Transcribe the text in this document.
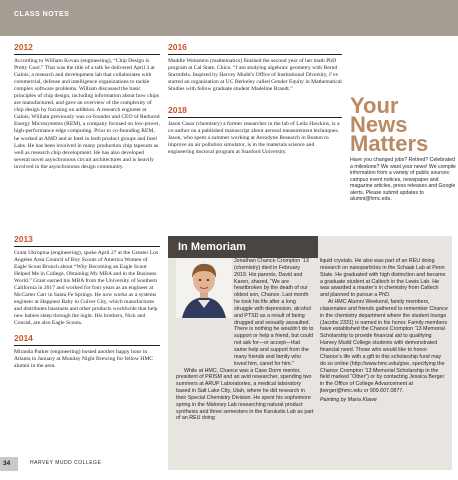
CLASS NOTES
2012
According to William Kovan (engineering), “Chip Design is Pretty Cool.” That was the title of a talk he delivered April 3 at Galois, a research and development lab that collaborates with commercial, defense and intelligence organizations to tackle complex software problems. William discussed the basic principles of chip design, including information about how chips are manufactured, and gave an overview of the complexity of chip design by focusing on addition. A research engineer at Galois, William previously was co-founder and CEO of Reduced Energy Microsystems (REM), a company focused on low-power, high-performance edge computing. Prior to co-founding REM, he worked at AMD and at Intel in both product groups and Intel Labs. He has been involved in many production chip tapeouts as well as research chip development. He has also developed several novel asynchronous circuit architectures and is heavily involved in the asynchronous design community.
2013
Grant Ukropina (engineering), spoke April 27 at the Greater Los Angeles Area Council of Boy Scouts of America Women of Eagle Scout Brunch about “Why Becoming an Eagle Scout Helped Me in College, Obtaining My MBA and in the Business World.” Grant earned his MBA from the University of Southern California in 2017 and worked for four years as an engineer at McCarter Carr in Santa Fe Springs. He now works as a systems engineer at Happiest Baby in Culver City, which manufactures and distributes bassinets and other products worldwide that help new babies sleep through the night. His brothers, Nick and Conrad, are also Eagle Scouts.
2014
Miranda Parker (engineering) hosted another happy hour in Atlanta in January at Monday Night Brewing for fellow HMC alumni in the area.
2016
Maddie Weinstein (mathematics) finished the second year of her math PhD program at Cal State, Chico. “I am studying algebraic geometry with Bernd Sturmfels. Inspired by Harvey Mudd’s Office of Institutional Diversity, I’ve started an organization at UC Berkeley called Gender Equity in Mathematical Studies with fellow graduate student Madeline Brandt.”
2018
Jason Casar (chemistry) a former researcher in the lab of Leila Hawkins, is a co-author on a published manuscript about aerosol measurement techniques. Jason, who spent a summer working at Aerodyne Research in Boston to improve an air pollution simulator, is in the materials science and engineering doctoral program at Stanford University.
Your
News
Matters
Have you changed jobs? Retired? Celebrated a milestone? We want your news! We compile information from a variety of public sources: campus event notices, newspaper and magazine articles, press releases and Google alerts. Please submit updates to alumni@hmc.edu.
In Memoriam

Jonathan Chance Crompton ’13 (chemistry) died in February 2019. His parents, David and Karen, shared, “We are heartbroken by the death of our oldest son, Chance. Last month he took his life after a long struggle with depression, alcohol and PTSD as a result of being drugged and sexually assaulted. There is nothing he wouldn’t do to support or help a friend, but could not ask for—or accept—that same help and support from the many friends and family who loved him, cared for him.”

While at HMC, Chance was a Case Dorm mentor, president of PRISM and an avid researcher, spending two summers at ARUP Laboratories, a medical laboratory based in Salt Lake City, Utah, where he did research in their Special Chemistry Division. He spent his sophomore spring in the Maloney Lab researching natural product synthesis and three semesters in the Karukstis Lab as part of an REU doing

liquid crystals. He also was part of an REU doing research on nanoparticles in the Schaak Lab at Penn State. He graduated with high distinction and became a graduate student at Caltech in the Lewis Lab. He was awarded a master’s in chemistry from Caltech and planned to pursue a PhD.

At HMC Alumni Weekend, family members, classmates and friends gathered to remember Chance in the chemistry department where the student lounge (Jacobs 2331) is named in his honor. Family members have established the Chance Crompton ’13 Memorial Scholarship to provide financial aid to qualifying Harvey Mudd College students with demonstrated financial need. Those who would like to honor Chance’s life with a gift to this scholarship fund may do so online (http://www.hmc.edu/give, specifying the Chance Crompton ’13 Memorial Scholarship in the field marked “Other”) or by contacting Jessica Berger in the Office of College Advancement at jberger@hmc.edu or 909.607.0877.

Painting by Maria Klawe

34	HARVEY MUDD COLLEGE
